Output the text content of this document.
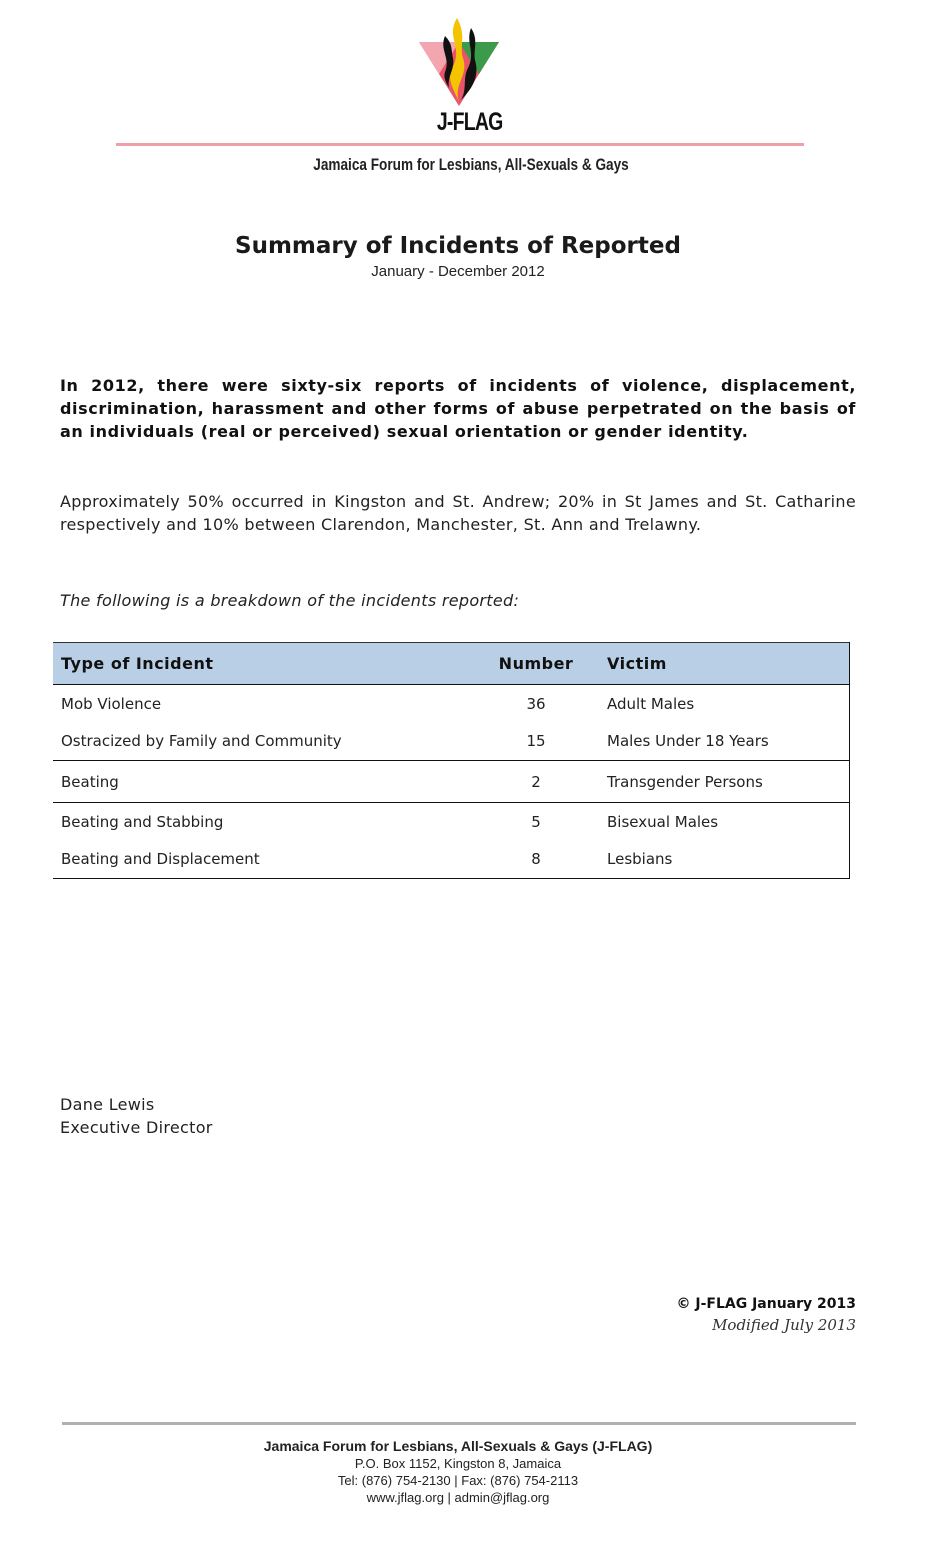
J-FLAG
Jamaica Forum for Lesbians, All-Sexuals & Gays
Summary of Incidents of Reported
January - December 2012

In 2012, there were sixty-six reports of incidents of violence, displacement, discrimination, harassment and other forms of abuse perpetrated on the basis of an individuals (real or perceived) sexual orientation or gender identity.

Approximately 50% occurred in Kingston and St. Andrew; 20% in St James and St. Catharine respectively and 10% between Clarendon, Manchester, St. Ann and Trelawny.

The following is a breakdown of the incidents reported:

Type of Incident	Number	Victim
Mob Violence	36	Adult Males
Ostracized by Family and Community	15	Males Under 18 Years
Beating	2	Transgender Persons
Beating and Stabbing	5	Bisexual Males
Beating and Displacement	8	Lesbians
Dane Lewis
Executive Director
© J-FLAG January 2013
Modified July 2013
Jamaica Forum for Lesbians, All-Sexuals & Gays (J-FLAG)
P.O. Box 1152, Kingston 8, Jamaica
Tel: (876) 754-2130 | Fax: (876) 754-2113
www.jflag.org | admin@jflag.org
